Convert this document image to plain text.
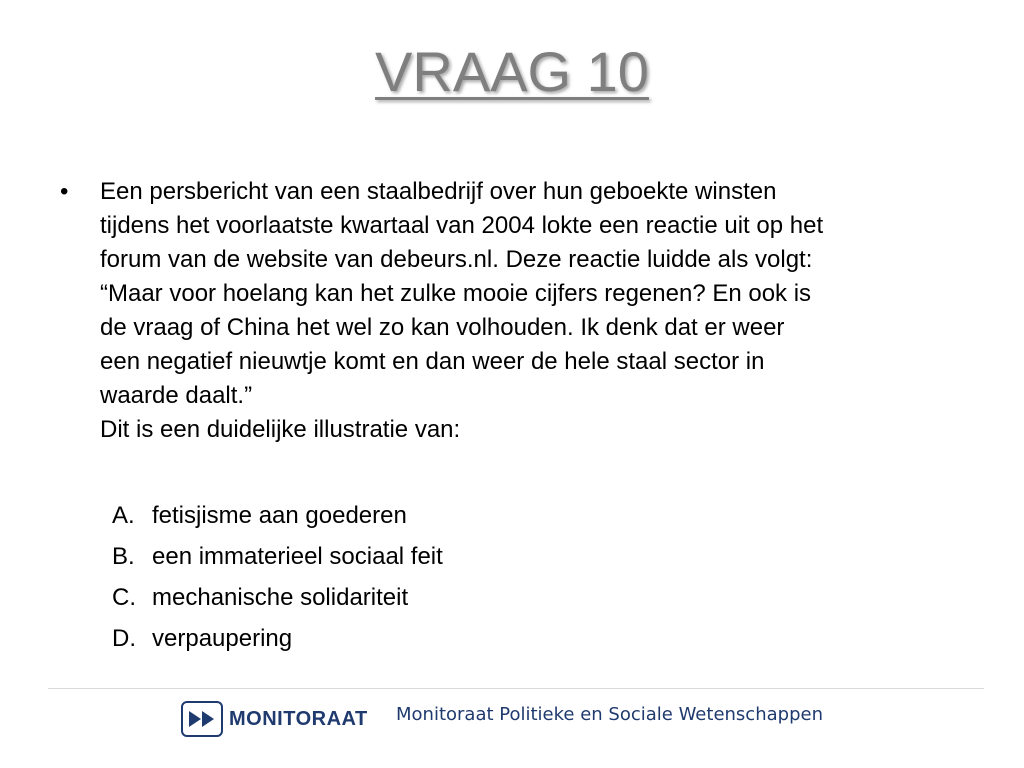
VRAAG 10
•	Een persbericht van een staalbedrijf over hun geboekte winsten
tijdens het voorlaatste kwartaal van 2004 lokte een reactie uit op het
forum van de website van debeurs.nl. Deze reactie luidde als volgt:
“Maar voor hoelang kan het zulke mooie cijfers regenen? En ook is
de vraag of China het wel zo kan volhouden. Ik denk dat er weer
een negatief nieuwtje komt en dan weer de hele staal sector in
waarde daalt.”
Dit is een duidelijke illustratie van:
A. fetisjisme aan goederen
B. een immaterieel sociaal feit
C. mechanische solidariteit
D. verpaupering
MONITORAAT Monitoraat Politieke en Sociale Wetenschappen
